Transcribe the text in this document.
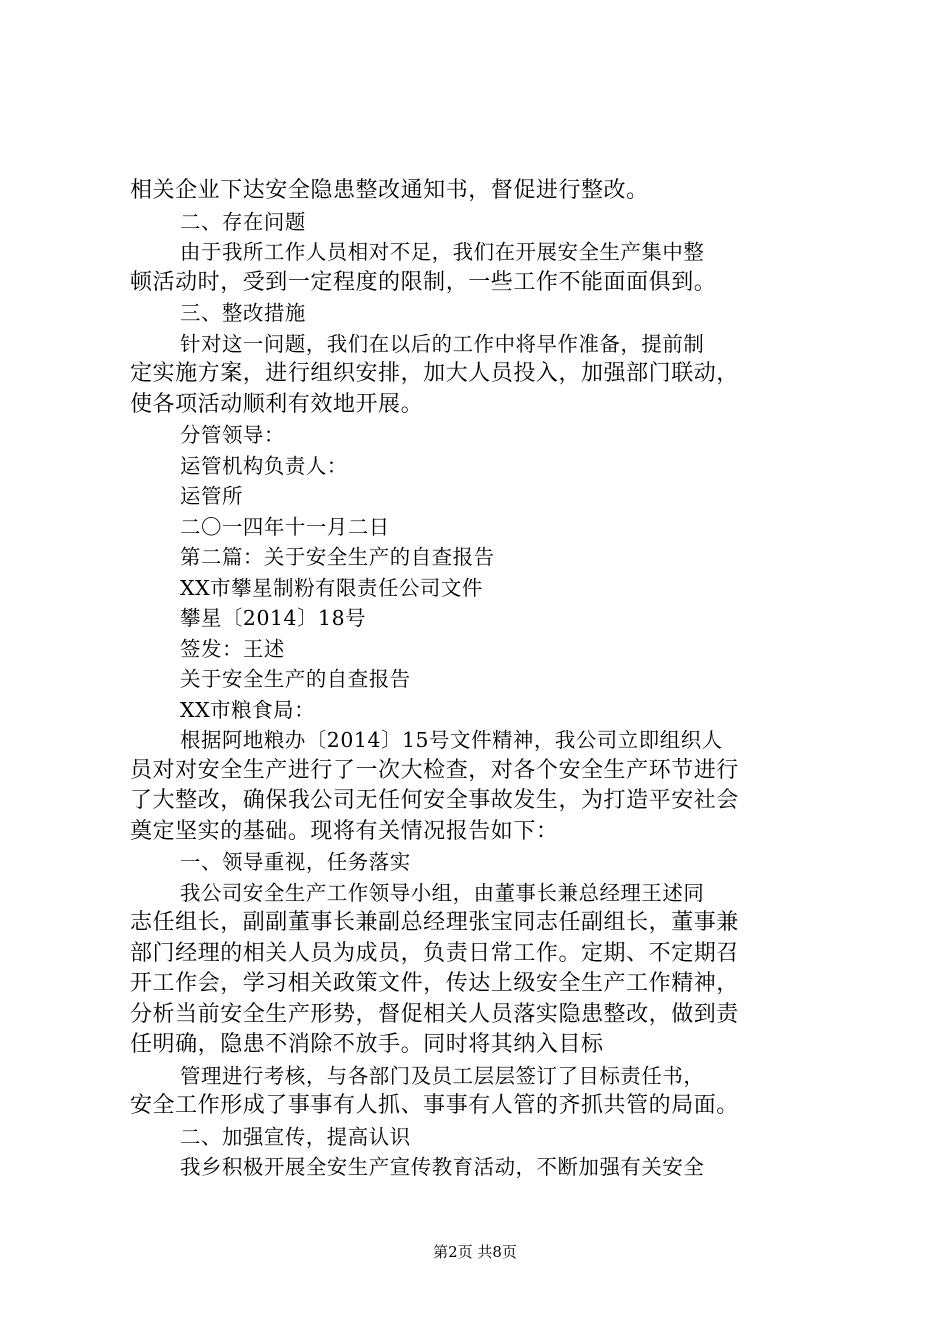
相关企业下达安全隐患整改通知书，督促进行整改。
二、存在问题
由于我所工作人员相对不足，我们在开展安全生产集中整
顿活动时，受到一定程度的限制，一些工作不能面面俱到。
三、整改措施
针对这一问题，我们在以后的工作中将早作准备，提前制
定实施方案，进行组织安排，加大人员投入，加强部门联动，
使各项活动顺利有效地开展。
分管领导：
运管机构负责人：
运管所
二〇一四年十一月二日
第二篇：关于安全生产的自查报告
XX市攀星制粉有限责任公司文件
攀星〔2014〕18号
签发：王述
关于安全生产的自查报告
XX市粮食局：
根据阿地粮办〔2014〕15号文件精神，我公司立即组织人
员对对安全生产进行了一次大检查，对各个安全生产环节进行
了大整改，确保我公司无任何安全事故发生，为打造平安社会
奠定坚实的基础。现将有关情况报告如下：
一、领导重视，任务落实
我公司安全生产工作领导小组，由董事长兼总经理王述同
志任组长，副副董事长兼副总经理张宝同志任副组长，董事兼
部门经理的相关人员为成员，负责日常工作。定期、不定期召
开工作会，学习相关政策文件，传达上级安全生产工作精神，
分析当前安全生产形势，督促相关人员落实隐患整改，做到责
任明确，隐患不消除不放手。同时将其纳入目标
管理进行考核，与各部门及员工层层签订了目标责任书，
安全工作形成了事事有人抓、事事有人管的齐抓共管的局面。
二、加强宣传，提高认识
我乡积极开展全安生产宣传教育活动，不断加强有关安全
第2页 共8页
